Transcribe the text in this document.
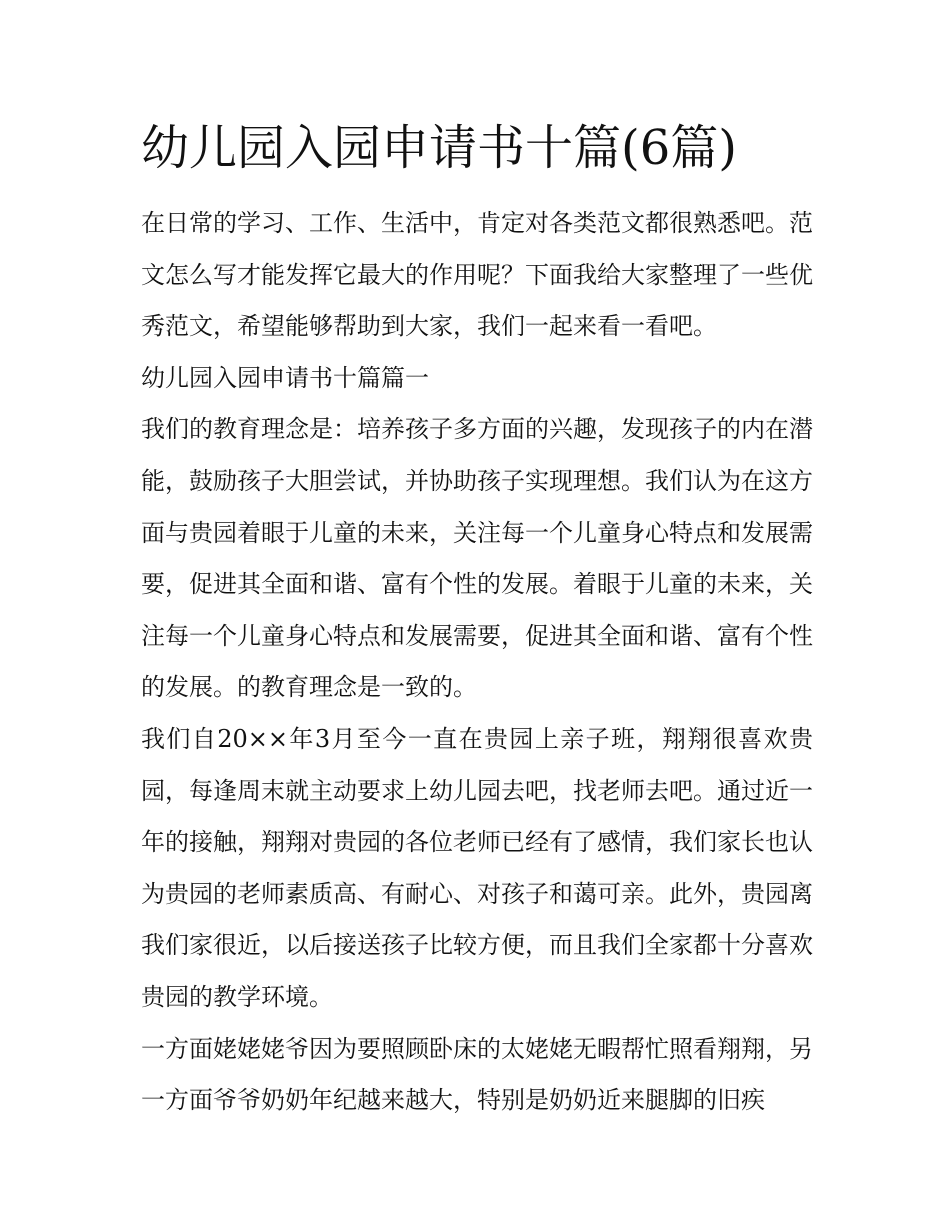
幼儿园入园申请书十篇(6篇)

在日常的学习、工作、生活中，肯定对各类范文都很熟悉吧。范文怎么写才能发挥它最大的作用呢？下面我给大家整理了一些优秀范文，希望能够帮助到大家，我们一起来看一看吧。

幼儿园入园申请书十篇篇一

我们的教育理念是：培养孩子多方面的兴趣，发现孩子的内在潜能，鼓励孩子大胆尝试，并协助孩子实现理想。我们认为在这方面与贵园着眼于儿童的未来，关注每一个儿童身心特点和发展需要，促进其全面和谐、富有个性的发展。着眼于儿童的未来，关注每一个儿童身心特点和发展需要，促进其全面和谐、富有个性的发展。的教育理念是一致的。

我们自20××年3月至今一直在贵园上亲子班，翔翔很喜欢贵园，每逢周末就主动要求上幼儿园去吧，找老师去吧。通过近一年的接触，翔翔对贵园的各位老师已经有了感情，我们家长也认为贵园的老师素质高、有耐心、对孩子和蔼可亲。此外，贵园离我们家很近，以后接送孩子比较方便，而且我们全家都十分喜欢贵园的教学环境。

一方面姥姥姥爷因为要照顾卧床的太姥姥无暇帮忙照看翔翔，另一方面爷爷奶奶年纪越来越大，特别是奶奶近来腿脚的旧疾
